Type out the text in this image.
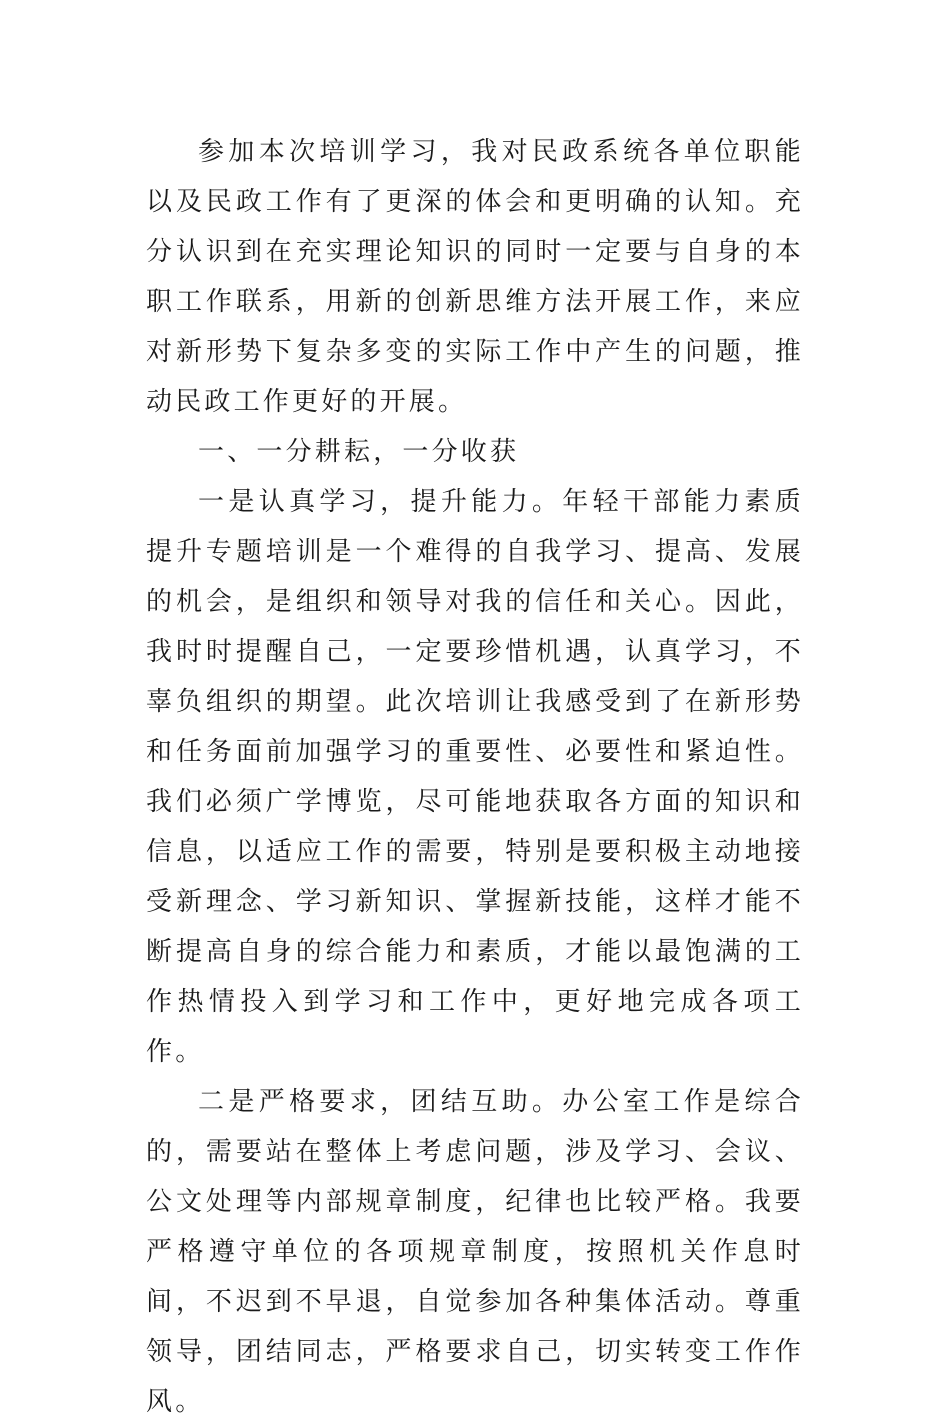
参加本次培训学习，我对民政系统各单位职能以及民政工作有了更深的体会和更明确的认知。充分认识到在充实理论知识的同时一定要与自身的本职工作联系，用新的创新思维方法开展工作，来应对新形势下复杂多变的实际工作中产生的问题，推动民政工作更好的开展。

一、一分耕耘，一分收获

一是认真学习，提升能力。年轻干部能力素质提升专题培训是一个难得的自我学习、提高、发展的机会，是组织和领导对我的信任和关心。因此，我时时提醒自己，一定要珍惜机遇，认真学习，不辜负组织的期望。此次培训让我感受到了在新形势和任务面前加强学习的重要性、必要性和紧迫性。我们必须广学博览，尽可能地获取各方面的知识和信息，以适应工作的需要，特别是要积极主动地接受新理念、学习新知识、掌握新技能，这样才能不断提高自身的综合能力和素质，才能以最饱满的工作热情投入到学习和工作中，更好地完成各项工作。

二是严格要求，团结互助。办公室工作是综合的，需要站在整体上考虑问题，涉及学习、会议、公文处理等内部规章制度，纪律也比较严格。我要严格遵守单位的各项规章制度，按照机关作息时间，不迟到不早退，自觉参加各种集体活动。尊重领导，团结同志，严格要求自己，切实转变工作作风。
